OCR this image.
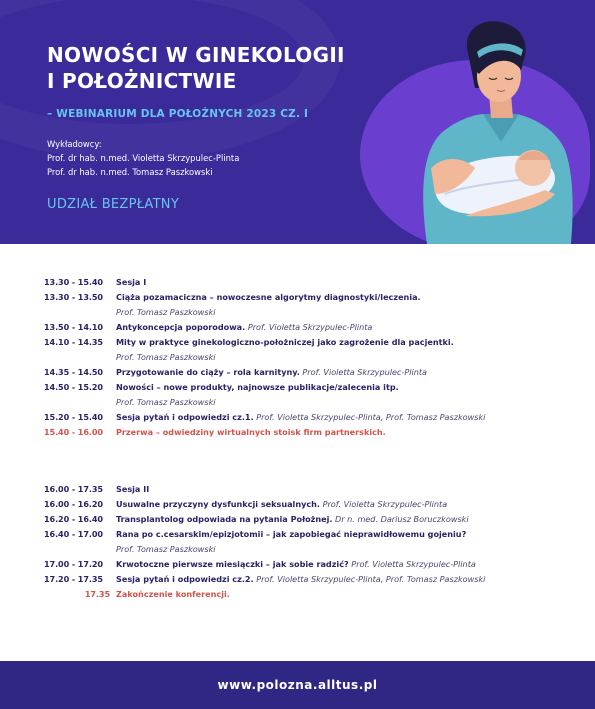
NOWOŚCI W GINEKOLOGII
I POŁOŻNICTWIE
– WEBINARIUM DLA POŁOŻNYCH 2023 CZ. I
Wykładowcy:
Prof. dr hab. n.med. Violetta Skrzypulec-Plinta
Prof. dr hab. n.med. Tomasz Paszkowski
UDZIAŁ BEZPŁATNY
13.30 - 15.40	Sesja I
13.30 - 13.50	Ciąża pozamaciczna – nowoczesne algorytmy diagnostyki/leczenia.
Prof. Tomasz Paszkowski
13.50 - 14.10	Antykoncepcja poporodowa. Prof. Violetta Skrzypulec-Plinta
14.10 - 14.35	Mity w praktyce ginekologiczno-położniczej jako zagrożenie dla pacjentki.
Prof. Tomasz Paszkowski
14.35 - 14.50	Przygotowanie do ciąży – rola karnityny. Prof. Violetta Skrzypulec-Plinta
14.50 - 15.20	Nowości – nowe produkty, najnowsze publikacje/zalecenia itp.
Prof. Tomasz Paszkowski
15.20 - 15.40	Sesja pytań i odpowiedzi cz.1. Prof. Violetta Skrzypulec-Plinta, Prof. Tomasz Paszkowski
15.40 - 16.00	Przerwa – odwiedziny wirtualnych stoisk firm partnerskich.
16.00 - 17.35	Sesja II
16.00 - 16.20	Usuwalne przyczyny dysfunkcji seksualnych. Prof. Violetta Skrzypulec-Plinta
16.20 - 16.40	Transplantolog odpowiada na pytania Położnej. Dr n. med. Dariusz Boruczkowski
16.40 - 17.00	Rana po c.cesarskim/epizjotomii – jak zapobiegać nieprawidłowemu gojeniu?
Prof. Tomasz Paszkowski
17.00 - 17.20	Krwotoczne pierwsze miesiączki – jak sobie radzić? Prof. Violetta Skrzypulec-Plinta
17.20 - 17.35	Sesja pytań i odpowiedzi cz.2. Prof. Violetta Skrzypulec-Plinta, Prof. Tomasz Paszkowski
17.35 Zakończenie konferencji.
www.polozna.alltus.pl
